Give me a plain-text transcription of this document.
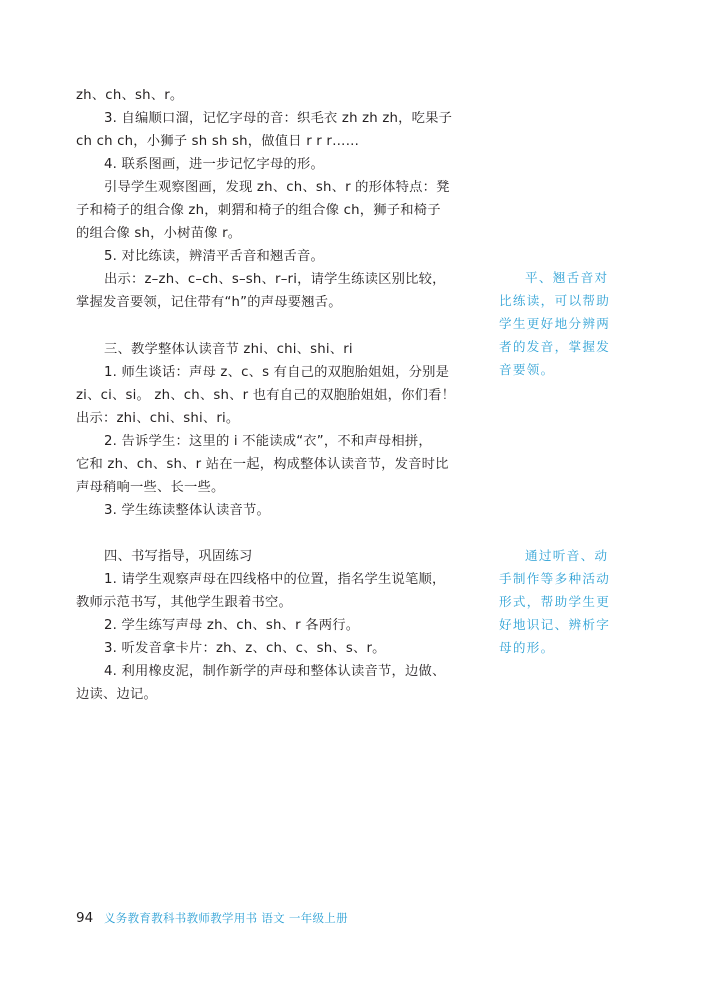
zh、ch、sh、r。
3. 自编顺口溜，记忆字母的音：织毛衣 zh zh zh，吃果子
ch ch ch，小狮子 sh sh sh，做值日 r r r……
4. 联系图画，进一步记忆字母的形。
引导学生观察图画，发现 zh、ch、sh、r 的形体特点：凳
子和椅子的组合像 zh，刺猬和椅子的组合像 ch，狮子和椅子
的组合像 sh，小树苗像 r。
5. 对比练读，辨清平舌音和翘舌音。
出示：z–zh、c–ch、s–sh、r–ri，请学生练读区别比较，
掌握发音要领，记住带有“h”的声母要翘舌。
三、教学整体认读音节 zhi、chi、shi、ri
1. 师生谈话：声母 z、c、s 有自己的双胞胎姐姐，分别是
zi、ci、si。 zh、ch、sh、r 也有自己的双胞胎姐姐，你们看！
出示：zhi、chi、shi、ri。
2. 告诉学生：这里的 i 不能读成“衣”，不和声母相拼，
它和 zh、ch、sh、r 站在一起，构成整体认读音节，发音时比
声母稍响一些、长一些。
3. 学生练读整体认读音节。
四、书写指导，巩固练习
1. 请学生观察声母在四线格中的位置，指名学生说笔顺，
教师示范书写，其他学生跟着书空。
2. 学生练写声母 zh、ch、sh、r 各两行。
3. 听发音拿卡片：zh、z、ch、c、sh、s、r。
4. 利用橡皮泥，制作新学的声母和整体认读音节，边做、
边读、边记。
平、翘舌音对
比练读，可以帮助
学生更好地分辨两
者的发音，掌握发
音要领。
通过听音、动
手制作等多种活动
形式，帮助学生更
好地识记、辨析字
母的形。
94 义务教育教科书教师教学用书 语文 一年级上册
